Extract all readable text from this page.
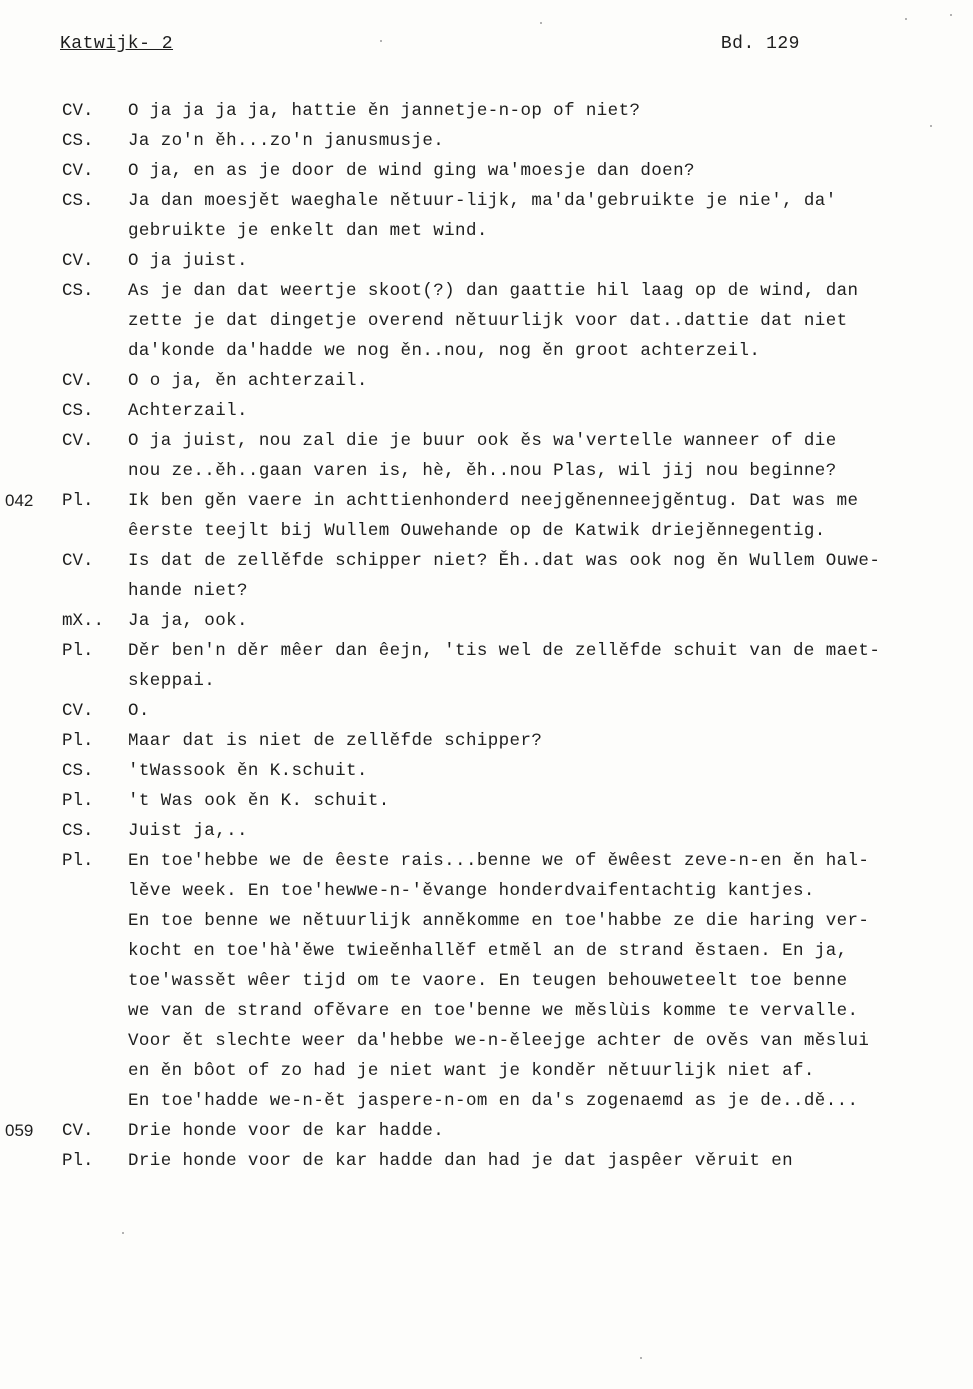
Katwijk- 2	Bd. 129
CV.	O ja ja ja ja, hattie ěn jannetje-n-op of niet?
CS.	Ja zo'n ěh...zo'n janusmusje.
CV.	O ja, en as je door de wind ging wa'moesje dan doen?
CS.	Ja dan moesjět waeghale nětuur-lijk, ma'da'gebruikte je nie', da'
gebruikte je enkelt dan met wind.
CV.	O ja juist.
CS.	As je dan dat weertje skoot(?) dan gaattie hil laag op de wind, dan
zette je dat dingetje overend nětuurlijk voor dat..dattie dat niet
da'konde da'hadde we nog ěn..nou, nog ěn groot achterzeil.
CV.	O o ja, ěn achterzail.
CS.	Achterzail.
CV.	O ja juist, nou zal die je buur ook ěs wa'vertelle wanneer of die
nou ze..ěh..gaan varen is, hè, ěh..nou Plas, wil jij nou beginne?
042 Pl.	Ik ben gěn vaere in achttienhonderd neejgěnenneejgěntug. Dat was me
êerste teejlt bij Wullem Ouwehande op de Katwik driejěnnegentig.
CV.	Is dat de zellěfde schipper niet? Ěh..dat was ook nog ěn Wullem Ouwe-
hande niet?
mX..	Ja ja, ook.
Pl.	Děr ben'n děr mêer dan êejn, 'tis wel de zellěfde schuit van de maet-
skeppai.
CV.	O.
Pl.	Maar dat is niet de zellěfde schipper?
CS.	'tWassook ěn K.schuit.
Pl.	't Was ook ěn K. schuit.
CS.	Juist ja,..
Pl.	En toe'hebbe we de êeste rais...benne we of ěwêest zeve-n-en ěn hal-
lěve week. En toe'hewwe-n-'ěvange honderdvaifentachtig kantjes.
En toe benne we nětuurlijk anněkomme en toe'habbe ze die haring ver-
kocht en toe'hà'ěwe twieěnhallěf etměl an de strand ěstaen. En ja,
toe'wassět wêer tijd om te vaore. En teugen behouweteelt toe benne
we van de strand ofěvare en toe'benne we měslùis komme te vervalle.
Voor ět slechte weer da'hebbe we-n-ěleejge achter de ověs van měslui
en ěn bôot of zo had je niet want je konděr nětuurlijk niet af.
En toe'hadde we-n-ět jaspere-n-om en da's zogenaemd as je de..dě...
059 CV.	Drie honde voor de kar hadde.
Pl.	Drie honde voor de kar hadde dan had je dat jaspêer věruit en
